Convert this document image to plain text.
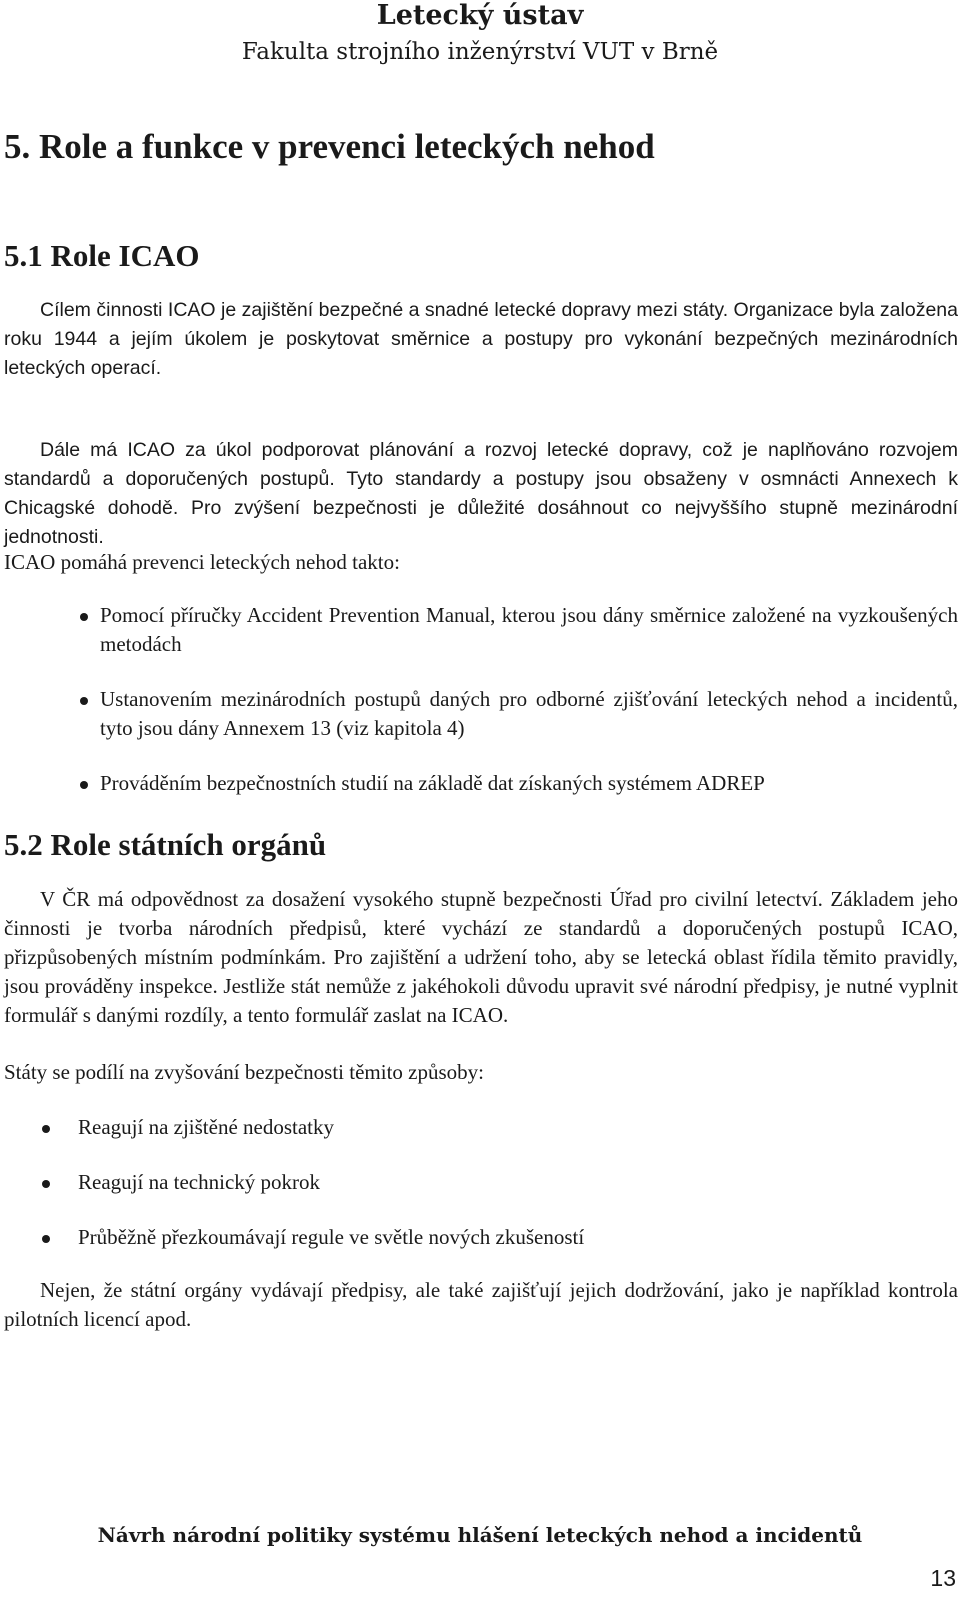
Letecký ústav
Fakulta strojního inženýrství VUT v Brně
5. Role a funkce v prevenci leteckých nehod
5.1 Role ICAO

Cílem činnosti ICAO je zajištění bezpečné a snadné letecké dopravy mezi státy. Organizace byla založena roku 1944 a jejím úkolem je poskytovat směrnice a postupy pro vykonání bezpečných mezinárodních leteckých operací.

Dále má ICAO za úkol podporovat plánování a rozvoj letecké dopravy, což je naplňováno rozvojem standardů a doporučených postupů. Tyto standardy a postupy jsou obsaženy v osmnácti Annexech k Chicagské dohodě. Pro zvýšení bezpečnosti je důležité dosáhnout co nejvyššího stupně mezinárodní jednotnosti.

ICAO pomáhá prevenci leteckých nehod takto:

Pomocí příručky Accident Prevention Manual, kterou jsou dány směrnice založené na vyzkoušených metodách
Ustanovením mezinárodních postupů daných pro odborné zjišťování leteckých nehod a incidentů, tyto jsou dány Annexem 13 (viz kapitola 4)
Prováděním bezpečnostních studií na základě dat získaných systémem ADREP
5.2 Role státních orgánů

V ČR má odpovědnost za dosažení vysokého stupně bezpečnosti Úřad pro civilní letectví. Základem jeho činnosti je tvorba národních předpisů, které vychází ze standardů a doporučených postupů ICAO, přizpůsobených místním podmínkám. Pro zajištění a udržení toho, aby se letecká oblast řídila těmito pravidly, jsou prováděny inspekce. Jestliže stát nemůže z jakéhokoli důvodu upravit své národní předpisy, je nutné vyplnit formulář s danými rozdíly, a tento formulář zaslat na ICAO.

Státy se podílí na zvyšování bezpečnosti těmito způsoby:

Reagují na zjištěné nedostatky
Reagují na technický pokrok
Průběžně přezkoumávají regule ve světle nových zkušeností

Nejen, že státní orgány vydávají předpisy, ale také zajišťují jejich dodržování, jako je například kontrola pilotních licencí apod.

Návrh národní politiky systému hlášení leteckých nehod a incidentů
13
